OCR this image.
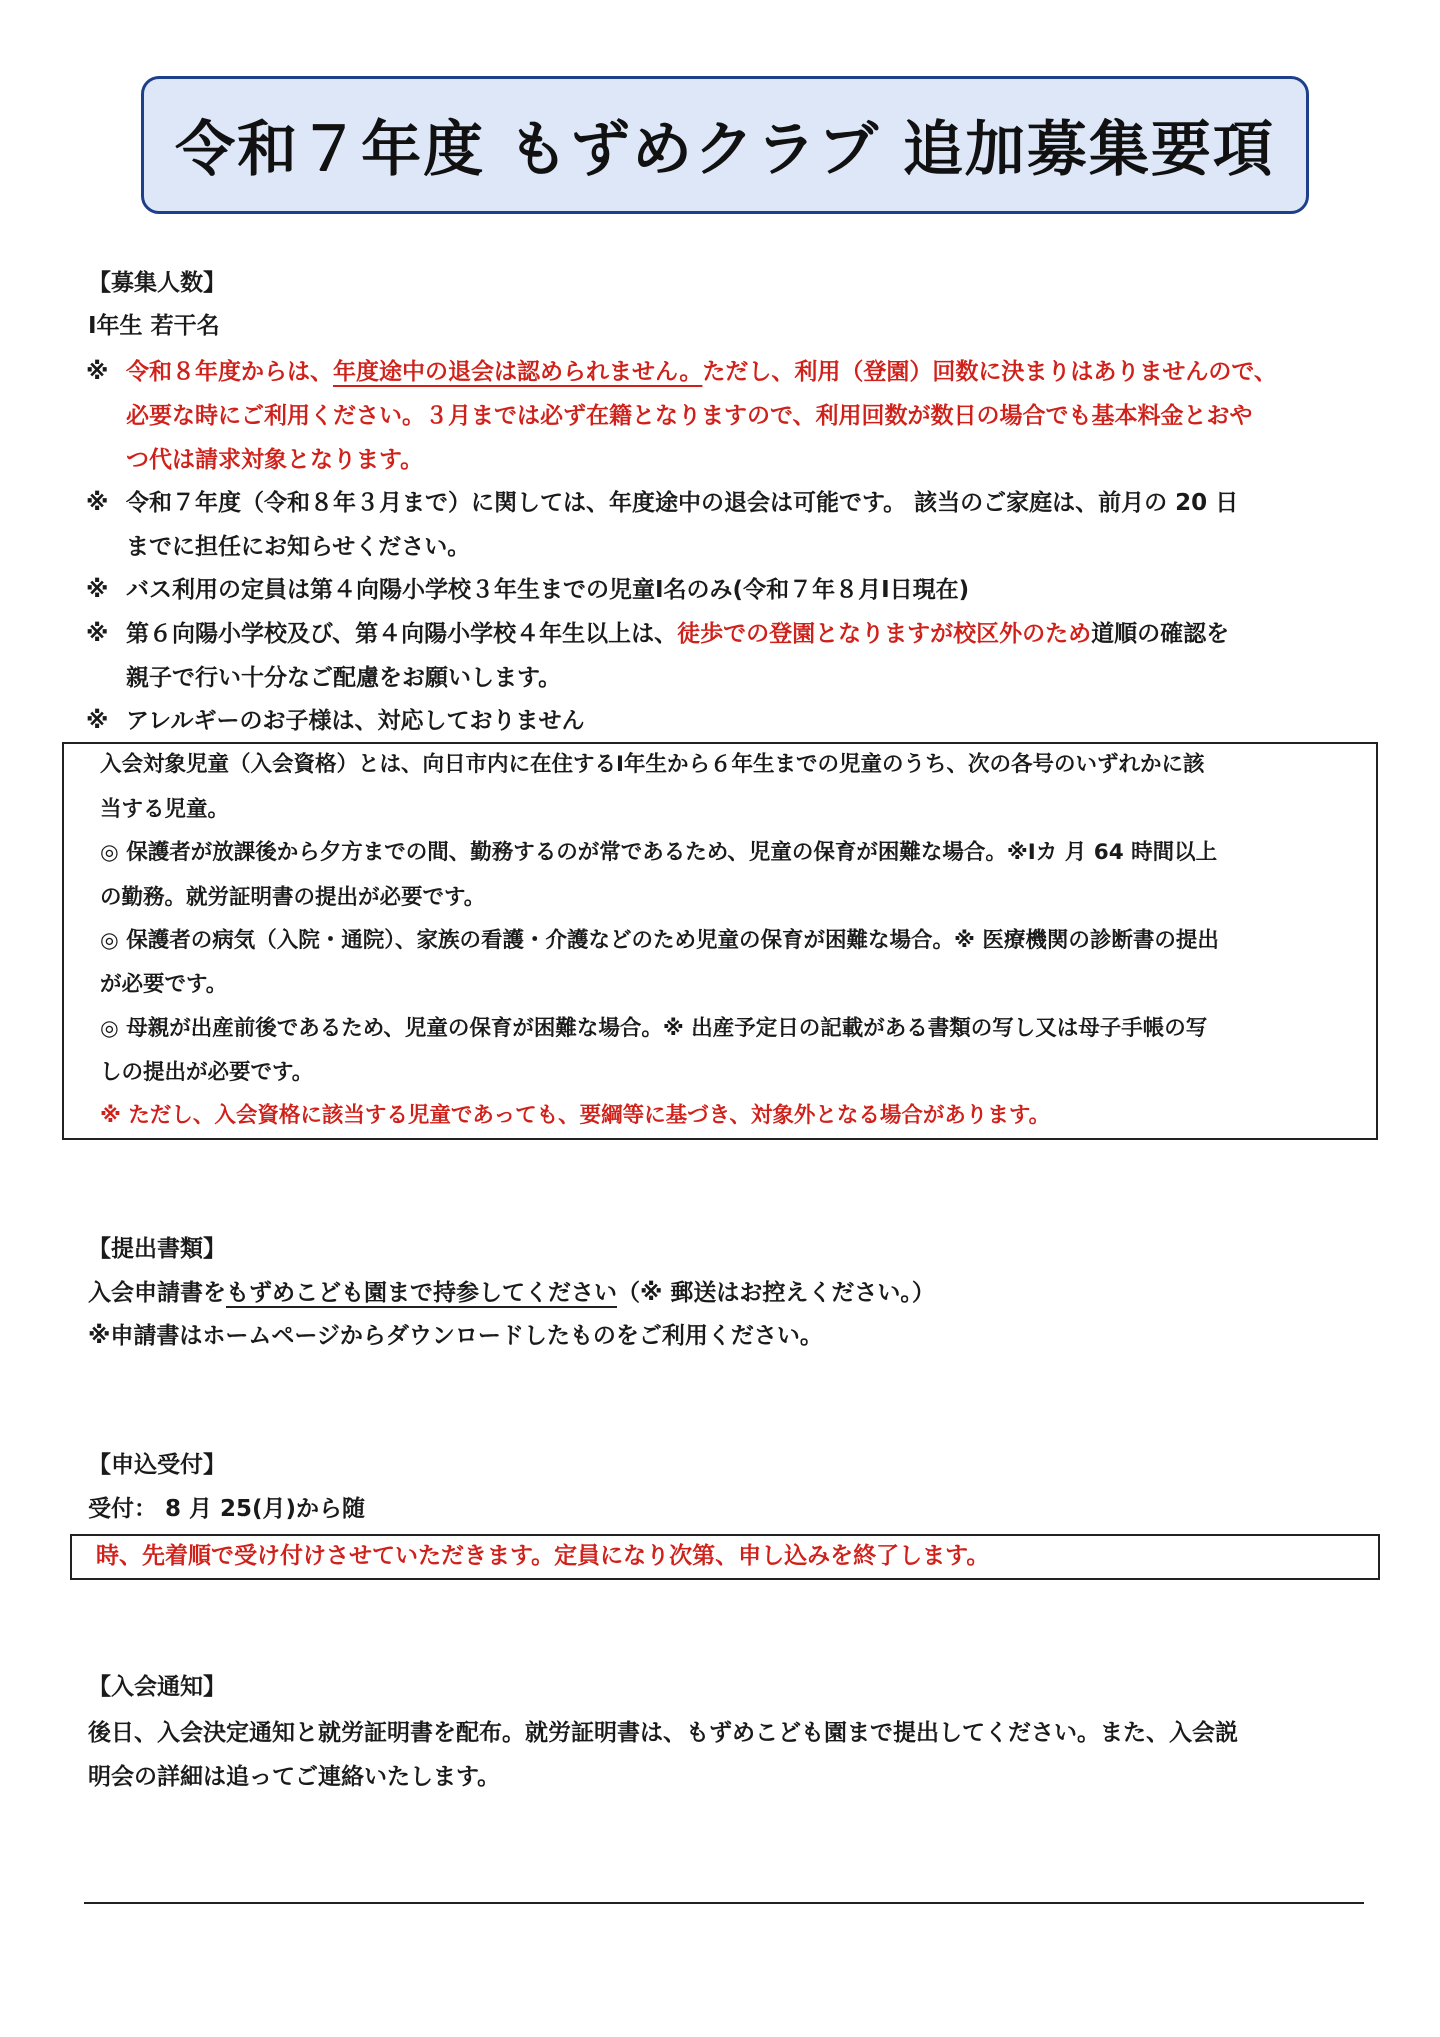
令和７年度 もずめクラブ 追加募集要項
【募集人数】
Ⅰ年生 若干名
※ 令和８年度からは、年度途中の退会は認められません。ただし、利用（登園）回数に決まりはありませんので、
必要な時にご利用ください。３月までは必ず在籍となりますので、利用回数が数日の場合でも基本料金とおや
つ代は請求対象となります。
※ 令和７年度（令和８年３月まで）に関しては、年度途中の退会は可能です。 該当のご家庭は、前月の 20 日
までに担任にお知らせください。
※ バス利用の定員は第４向陽小学校３年生までの児童Ⅰ名のみ(令和７年８月Ⅰ日現在)
※ 第６向陽小学校及び、第４向陽小学校４年生以上は、徒歩での登園となりますが校区外のため道順の確認を
親子で行い十分なご配慮をお願いします。
※ アレルギーのお子様は、対応しておりません
入会対象児童（入会資格）とは、向日市内に在住するⅠ年生から６年生までの児童のうち、次の各号のいずれかに該
当する児童。
◎ 保護者が放課後から夕方までの間、勤務するのが常であるため、児童の保育が困難な場合。※Ⅰカ 月 64 時間以上
の勤務。就労証明書の提出が必要です。
◎ 保護者の病気（入院・通院）、家族の看護・介護などのため児童の保育が困難な場合。※ 医療機関の診断書の提出
が必要です。
◎ 母親が出産前後であるため、児童の保育が困難な場合。※ 出産予定日の記載がある書類の写し又は母子手帳の写
しの提出が必要です。
※ ただし、入会資格に該当する児童であっても、要綱等に基づき、対象外となる場合があります。
【提出書類】
入会申請書をもずめこども園まで持参してください（※ 郵送はお控えください。）
※申請書はホームページからダウンロードしたものをご利用ください。
【申込受付】
受付： 8 月 25(月)から随
時、先着順で受け付けさせていただきます。定員になり次第、申し込みを終了します。
【入会通知】
後日、入会決定通知と就労証明書を配布。就労証明書は、もずめこども園まで提出してください。また、入会説
明会の詳細は追ってご連絡いたします。
